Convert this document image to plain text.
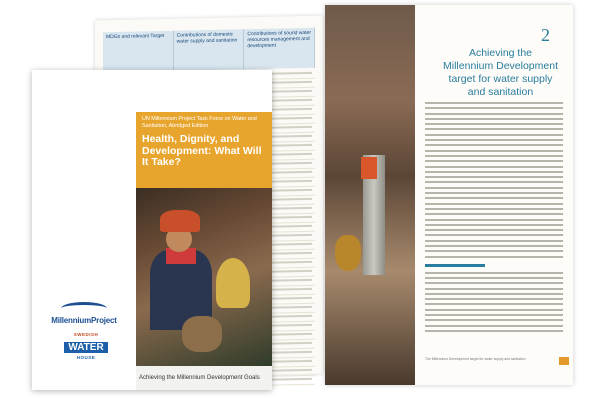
MDGs and relevant Target	Contributions of domestic water supply and sanitation
Contributions of sound water resources management and development
2
Achieving the Millennium Development target for water supply and sanitation
The Millennium Development target for water supply and sanitation
UN Millennium Project Task Force on Water and Sanitation, Abridged Edition
Health, Dignity, and Development: What Will It Take?
Achieving the Millennium Development Goals
MillenniumProject
SWEDISH
WATER
HOUSE
